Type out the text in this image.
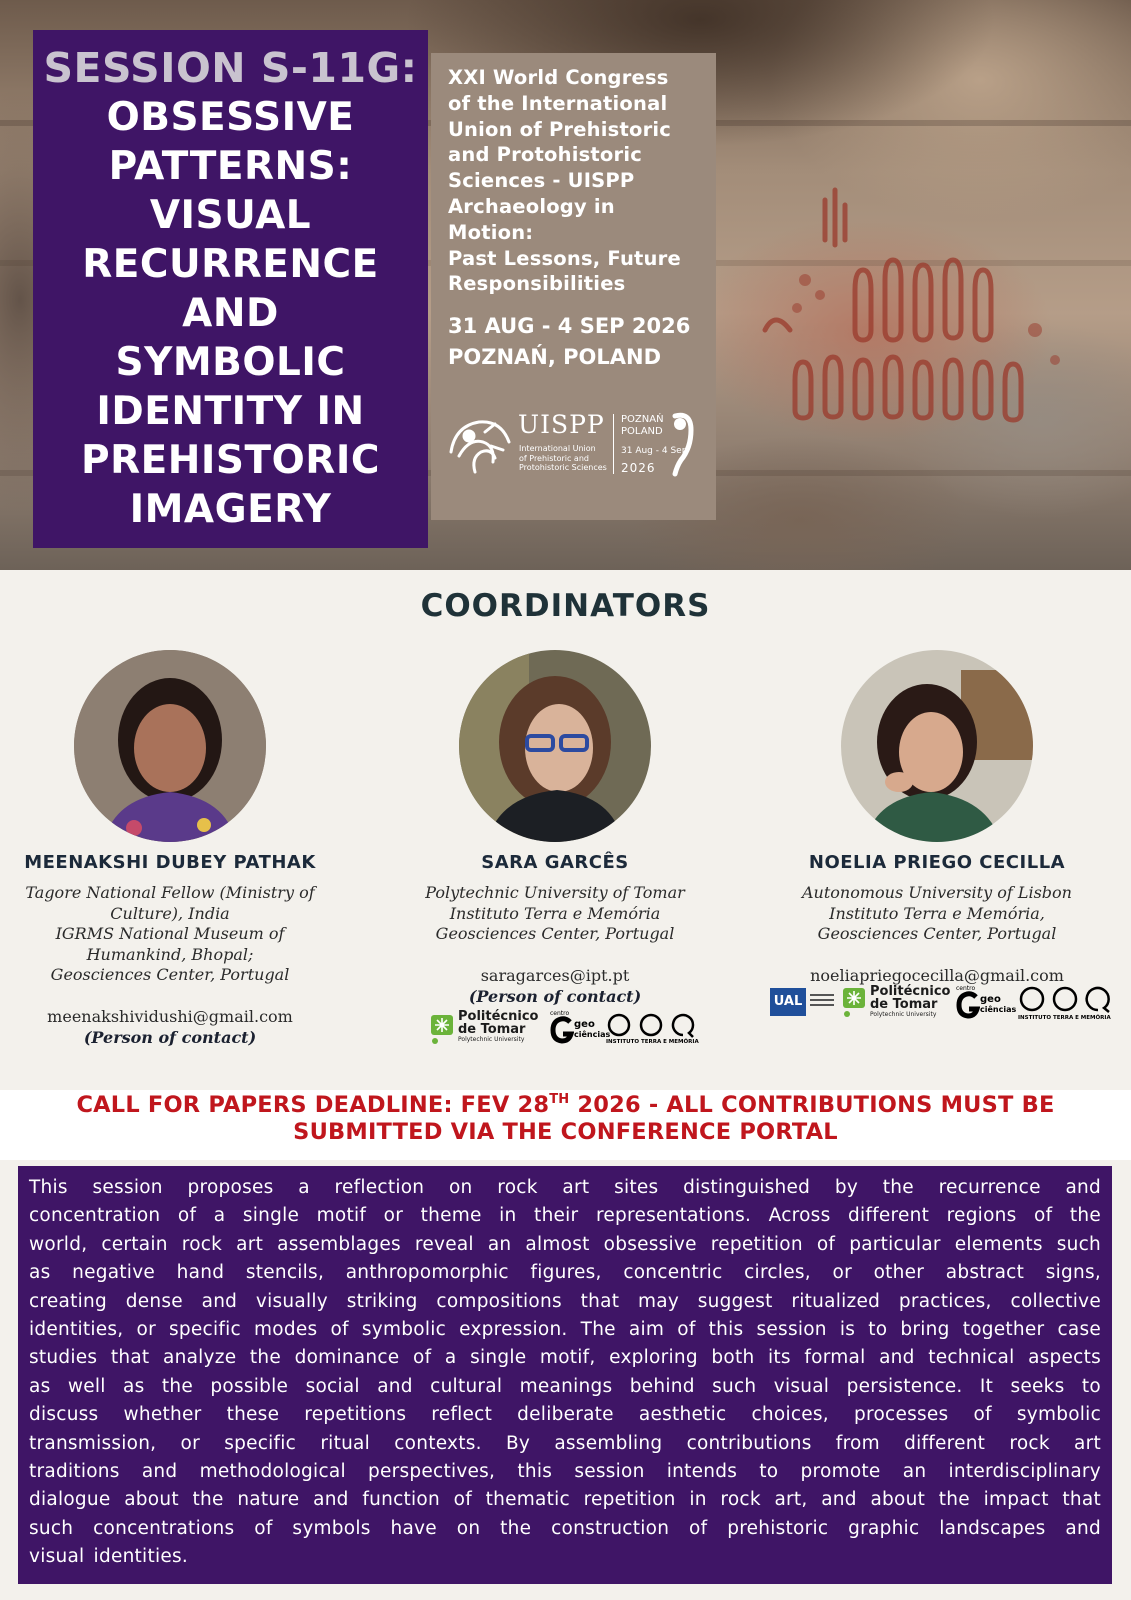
SESSION S-11G:
OBSESSIVE
PATTERNS:
VISUAL
RECURRENCE
AND
SYMBOLIC
IDENTITY IN
PREHISTORIC
IMAGERY
XXI World Congress
of the International
Union of Prehistoric
and Protohistoric
Sciences - UISPP
Archaeology in
Motion:
Past Lessons, Future
Responsibilities
31 AUG - 4 SEP 2026
POZNAŃ, POLAND
UISPP
International Union
of Prehistoric and
Protohistoric Sciences
POZNAŃ
POLAND
31 Aug - 4 Sep
2026
COORDINATORS
MEENAKSHI DUBEY PATHAK
Tagore National Fellow (Ministry of
Culture), India
IGRMS National Museum of
Humankind, Bhopal;
Geosciences Center, Portugal
meenakshividushi@gmail.com
(Person of contact)
SARA GARCÊS
Polytechnic University of Tomar
Instituto Terra e Memória
Geosciences Center, Portugal
saragarces@ipt.pt
(Person of contact)
NOELIA PRIEGO CECILLA
Autonomous University of Lisbon
Instituto Terra e Memória,
Geosciences Center, Portugal
noeliapriegocecilla@gmail.com
Politécnico
de Tomar
Polytechnic University
centro
geo
ciências
INSTITUTO TERRA E MEMÓRIA
UAL
Politécnico
de Tomar
Polytechnic University
centro
geo
ciências
INSTITUTO TERRA E MEMÓRIA
CALL FOR PAPERS DEADLINE: FEV 28TH 2026 - ALL CONTRIBUTIONS MUST BE
SUBMITTED VIA THE CONFERENCE PORTAL
This session proposes a reflection on rock art sites distinguished by the recurrence and
concentration of a single motif or theme in their representations. Across different regions of the
world, certain rock art assemblages reveal an almost obsessive repetition of particular elements such
as negative hand stencils, anthropomorphic figures, concentric circles, or other abstract signs,
creating dense and visually striking compositions that may suggest ritualized practices, collective
identities, or specific modes of symbolic expression. The aim of this session is to bring together case
studies that analyze the dominance of a single motif, exploring both its formal and technical aspects
as well as the possible social and cultural meanings behind such visual persistence. It seeks to
discuss whether these repetitions reflect deliberate aesthetic choices, processes of symbolic
transmission, or specific ritual contexts. By assembling contributions from different rock art
traditions and methodological perspectives, this session intends to promote an interdisciplinary
dialogue about the nature and function of thematic repetition in rock art, and about the impact that
such concentrations of symbols have on the construction of prehistoric graphic landscapes and
visual identities.
